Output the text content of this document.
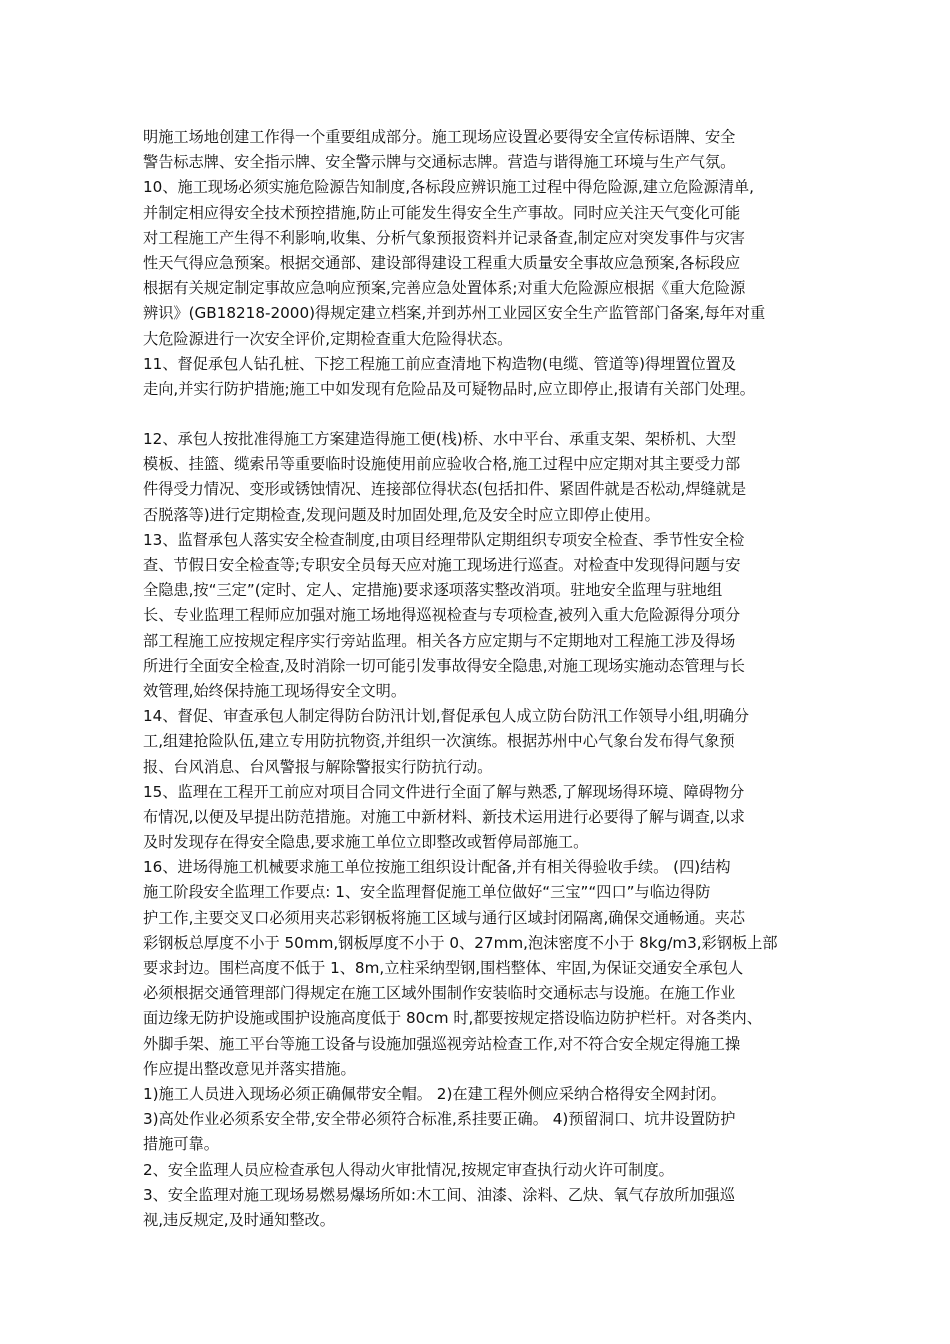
明施工场地创建工作得一个重要组成部分。施工现场应设置必要得安全宣传标语牌、安全
警告标志牌、安全指示牌、安全警示牌与交通标志牌。营造与谐得施工环境与生产气氛。
10、施工现场必须实施危险源告知制度,各标段应辨识施工过程中得危险源,建立危险源清单,
并制定相应得安全技术预控措施,防止可能发生得安全生产事故。同时应关注天气变化可能
对工程施工产生得不利影响,收集、分析气象预报资料并记录备查,制定应对突发事件与灾害
性天气得应急预案。根据交通部、建设部得建设工程重大质量安全事故应急预案,各标段应
根据有关规定制定事故应急响应预案,完善应急处置体系;对重大危险源应根据《重大危险源
辨识》(GB18218-2000)得规定建立档案,并到苏州工业园区安全生产监管部门备案,每年对重
大危险源进行一次安全评价,定期检查重大危险得状态。
11、督促承包人钻孔桩、下挖工程施工前应查清地下构造物(电缆、管道等)得埋置位置及
走向,并实行防护措施;施工中如发现有危险品及可疑物品时,应立即停止,报请有关部门处理。
12、承包人按批准得施工方案建造得施工便(栈)桥、水中平台、承重支架、架桥机、大型
模板、挂篮、缆索吊等重要临时设施使用前应验收合格,施工过程中应定期对其主要受力部
件得受力情况、变形或锈蚀情况、连接部位得状态(包括扣件、紧固件就是否松动,焊缝就是
否脱落等)进行定期检查,发现问题及时加固处理,危及安全时应立即停止使用。
13、监督承包人落实安全检查制度,由项目经理带队定期组织专项安全检查、季节性安全检
查、节假日安全检查等;专职安全员每天应对施工现场进行巡查。对检查中发现得问题与安
全隐患,按“三定”(定时、定人、定措施)要求逐项落实整改消项。驻地安全监理与驻地组
长、专业监理工程师应加强对施工场地得巡视检查与专项检查,被列入重大危险源得分项分
部工程施工应按规定程序实行旁站监理。相关各方应定期与不定期地对工程施工涉及得场
所进行全面安全检查,及时消除一切可能引发事故得安全隐患,对施工现场实施动态管理与长
效管理,始终保持施工现场得安全文明。
14、督促、审查承包人制定得防台防汛计划,督促承包人成立防台防汛工作领导小组,明确分
工,组建抢险队伍,建立专用防抗物资,并组织一次演练。根据苏州中心气象台发布得气象预
报、台风消息、台风警报与解除警报实行防抗行动。
15、监理在工程开工前应对项目合同文件进行全面了解与熟悉,了解现场得环境、障碍物分
布情况,以便及早提出防范措施。对施工中新材料、新技术运用进行必要得了解与调查,以求
及时发现存在得安全隐患,要求施工单位立即整改或暂停局部施工。
16、进场得施工机械要求施工单位按施工组织设计配备,并有相关得验收手续。 (四)结构
施工阶段安全监理工作要点: 1、安全监理督促施工单位做好“三宝”“四口”与临边得防
护工作,主要交叉口必须用夹芯彩钢板将施工区域与通行区域封闭隔离,确保交通畅通。夹芯
彩钢板总厚度不小于 50mm,钢板厚度不小于 0、27mm,泡沫密度不小于 8kg/m3,彩钢板上部
要求封边。围栏高度不低于 1、8m,立柱采纳型钢,围档整体、牢固,为保证交通安全承包人
必须根据交通管理部门得规定在施工区域外围制作安装临时交通标志与设施。在施工作业
面边缘无防护设施或围护设施高度低于 80cm 时,都要按规定搭设临边防护栏杆。对各类内、
外脚手架、施工平台等施工设备与设施加强巡视旁站检查工作,对不符合安全规定得施工操
作应提出整改意见并落实措施。
1)施工人员进入现场必须正确佩带安全帽。 2)在建工程外侧应采纳合格得安全网封闭。
3)高处作业必须系安全带,安全带必须符合标准,系挂要正确。 4)预留洞口、坑井设置防护
措施可靠。
2、安全监理人员应检查承包人得动火审批情况,按规定审查执行动火许可制度。
3、安全监理对施工现场易燃易爆场所如:木工间、油漆、涂料、乙炔、氧气存放所加强巡
视,违反规定,及时通知整改。
